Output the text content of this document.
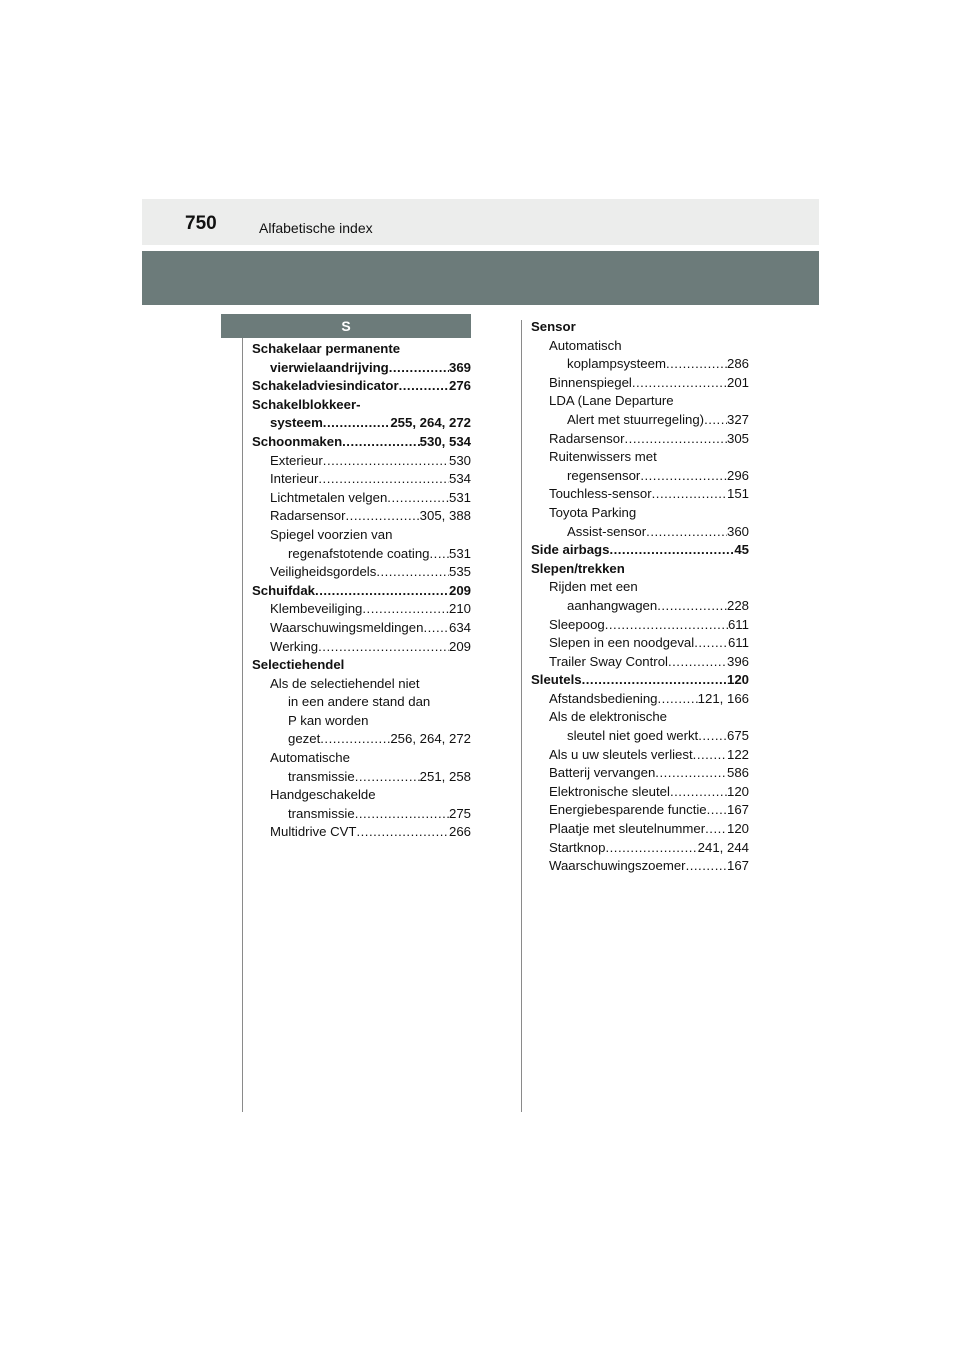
750	Alfabetische index
S
Schakelaar permanente
vierwielaandrijving .....	369
Schakeladviesindicator .....	276
Schakelblokkeer-
systeem .....	255, 264, 272
Schoonmaken .....	530, 534
Exterieur .....	530
Interieur .....	534
Lichtmetalen velgen .....	531
Radarsensor .....	305, 388
Spiegel voorzien van
regenafstotende coating ..... 531
Veiligheidsgordels .....	535
Schuifdak .....	209
Klembeveiliging .....	210
Waarschuwingsmeldingen ..... 634
Werking .....	209
Selectiehendel
Als de selectiehendel niet
in een andere stand dan
P kan worden
gezet .....	256, 264, 272
Automatische
transmissie .....	251, 258
Handgeschakelde
transmissie .....	275
Multidrive CVT .....	266
Sensor
Automatisch
koplampsysteem .....	286
Binnenspiegel .....	201
LDA (Lane Departure
Alert met stuurregeling) ..... 327
Radarsensor .....	305
Ruitenwissers met
regensensor .....	296
Touchless-sensor .....	151
Toyota Parking
Assist-sensor .....	360
Side airbags .....	45
Slepen/trekken
Rijden met een
aanhangwagen .....	228
Sleepoog .....	611
Slepen in een noodgeval .....	611
Trailer Sway Control .....	396
Sleutels .....	120
Afstandsbediening .....	121, 166
Als de elektronische
sleutel niet goed werkt ..... 675
Als u uw sleutels verliest .....	122
Batterij vervangen .....	586
Elektronische sleutel .....	120
Energiebesparende functie ..... 167
Plaatje met sleutelnummer ..... 120
Startknop .....	241, 244
Waarschuwingszoemer .....	167
